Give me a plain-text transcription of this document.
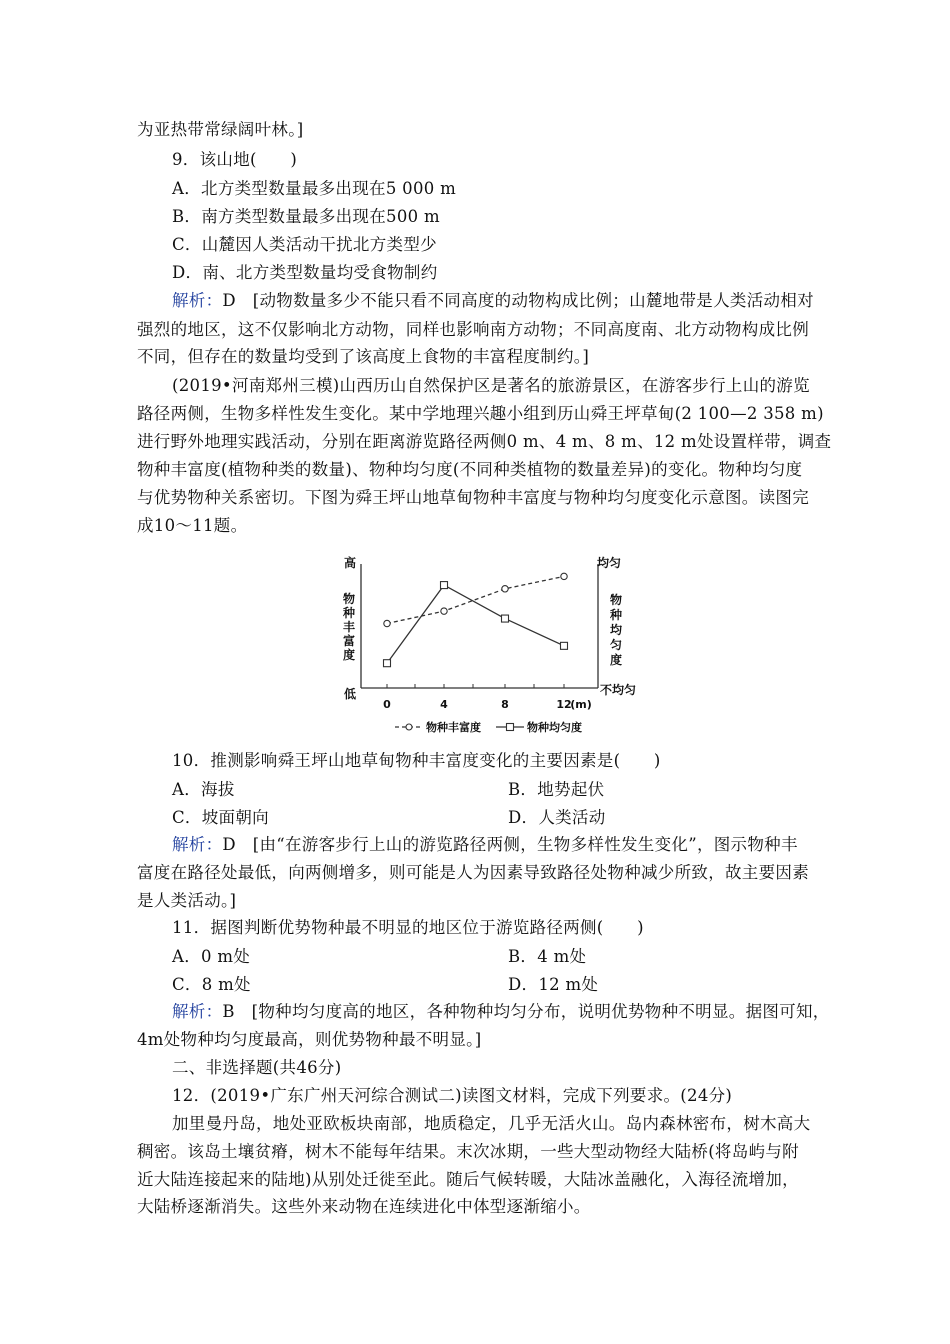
为亚热带常绿阔叶林。]
9．该山地(　　)
A．北方类型数量最多出现在5 000 m
B．南方类型数量最多出现在500 m
C．山麓因人类活动干扰北方类型少
D．南、北方类型数量均受食物制约
解析：D　[动物数量多少不能只看不同高度的动物构成比例；山麓地带是人类活动相对
强烈的地区，这不仅影响北方动物，同样也影响南方动物；不同高度南、北方动物构成比例
不同，但存在的数量均受到了该高度上食物的丰富程度制约。]
(2019•河南郑州三模)山西历山自然保护区是著名的旅游景区，在游客步行上山的游览
路径两侧，生物多样性发生变化。某中学地理兴趣小组到历山舜王坪草甸(2 100—2 358 m)
进行野外地理实践活动，分别在距离游览路径两侧0 m、4 m、8 m、12 m处设置样带，调查
物种丰富度(植物种类的数量)、物种均匀度(不同种类植物的数量差异)的变化。物种均匀度
与优势物种关系密切。下图为舜王坪山地草甸物种丰富度与物种均匀度变化示意图。读图完
成10～11题。
0	4	8	12
(m)
高
低
物
种
丰
富
度
均匀
不均匀
物
种
均
匀
度
物种丰富度	物种均匀度
10．推测影响舜王坪山地草甸物种丰富度变化的主要因素是(　　)
A．海拔	B．地势起伏
C．坡面朝向	D．人类活动
解析：D　[由“在游客步行上山的游览路径两侧，生物多样性发生变化”，图示物种丰
富度在路径处最低，向两侧增多，则可能是人为因素导致路径处物种减少所致，故主要因素
是人类活动。]
11．据图判断优势物种最不明显的地区位于游览路径两侧(　　)
A．0 m处	B．4 m处
C．8 m处	D．12 m处
解析：B　[物种均匀度高的地区，各种物种均匀分布，说明优势物种不明显。据图可知，
4m处物种均匀度最高，则优势物种最不明显。]
二、非选择题(共46分)
12．(2019•广东广州天河综合测试二)读图文材料，完成下列要求。(24分)
加里曼丹岛，地处亚欧板块南部，地质稳定，几乎无活火山。岛内森林密布，树木高大
稠密。该岛土壤贫瘠，树木不能每年结果。末次冰期，一些大型动物经大陆桥(将岛屿与附
近大陆连接起来的陆地)从别处迁徙至此。随后气候转暖，大陆冰盖融化，入海径流增加，
大陆桥逐渐消失。这些外来动物在连续进化中体型逐渐缩小。
